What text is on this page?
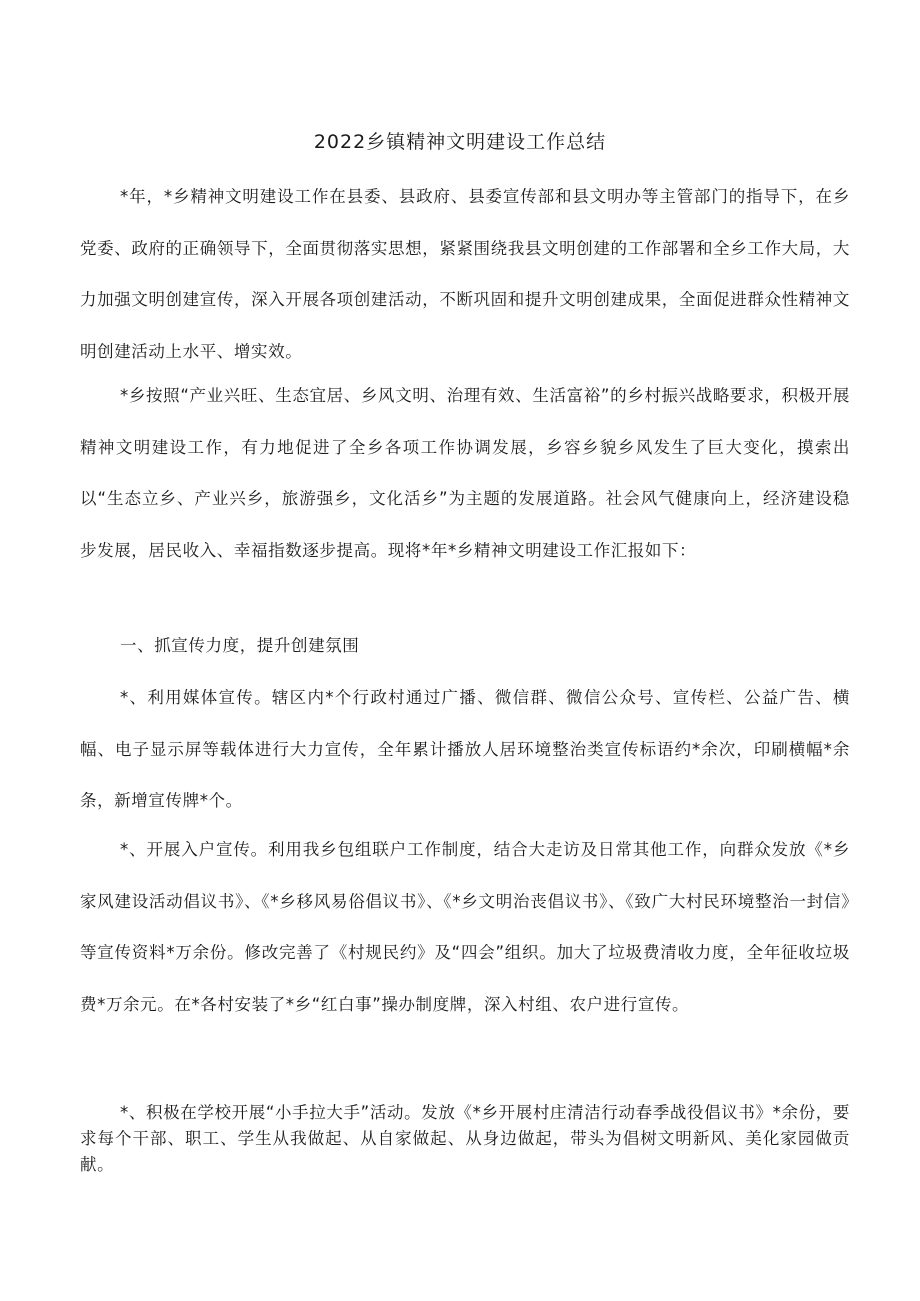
2022乡镇精神文明建设工作总结

*年，*乡精神文明建设工作在县委、县政府、县委宣传部和县文明办等主管部门的指导下，在乡党委、政府的正确领导下，全面贯彻落实思想，紧紧围绕我县文明创建的工作部署和全乡工作大局，大力加强文明创建宣传，深入开展各项创建活动，不断巩固和提升文明创建成果，全面促进群众性精神文明创建活动上水平、增实效。

*乡按照“产业兴旺、生态宜居、乡风文明、治理有效、生活富裕”的乡村振兴战略要求，积极开展精神文明建设工作，有力地促进了全乡各项工作协调发展，乡容乡貌乡风发生了巨大变化，摸索出以“生态立乡、产业兴乡，旅游强乡，文化活乡”为主题的发展道路。社会风气健康向上，经济建设稳步发展，居民收入、幸福指数逐步提高。现将*年*乡精神文明建设工作汇报如下：

一、抓宣传力度，提升创建氛围

*、利用媒体宣传。辖区内*个行政村通过广播、微信群、微信公众号、宣传栏、公益广告、横幅、电子显示屏等载体进行大力宣传，全年累计播放人居环境整治类宣传标语约*余次，印刷横幅*余条，新增宣传牌*个。

*、开展入户宣传。利用我乡包组联户工作制度，结合大走访及日常其他工作，向群众发放《*乡家风建设活动倡议书》、《*乡移风易俗倡议书》、《*乡文明治丧倡议书》、《致广大村民环境整治一封信》等宣传资料*万余份。修改完善了《村规民约》及“四会”组织。加大了垃圾费清收力度，全年征收垃圾费*万余元。在*各村安装了*乡“红白事”操办制度牌，深入村组、农户进行宣传。

*、积极在学校开展“小手拉大手”活动。发放《*乡开展村庄清洁行动春季战役倡议书》*余份，要求每个干部、职工、学生从我做起、从自家做起、从身边做起，带头为倡树文明新风、美化家园做贡献。
